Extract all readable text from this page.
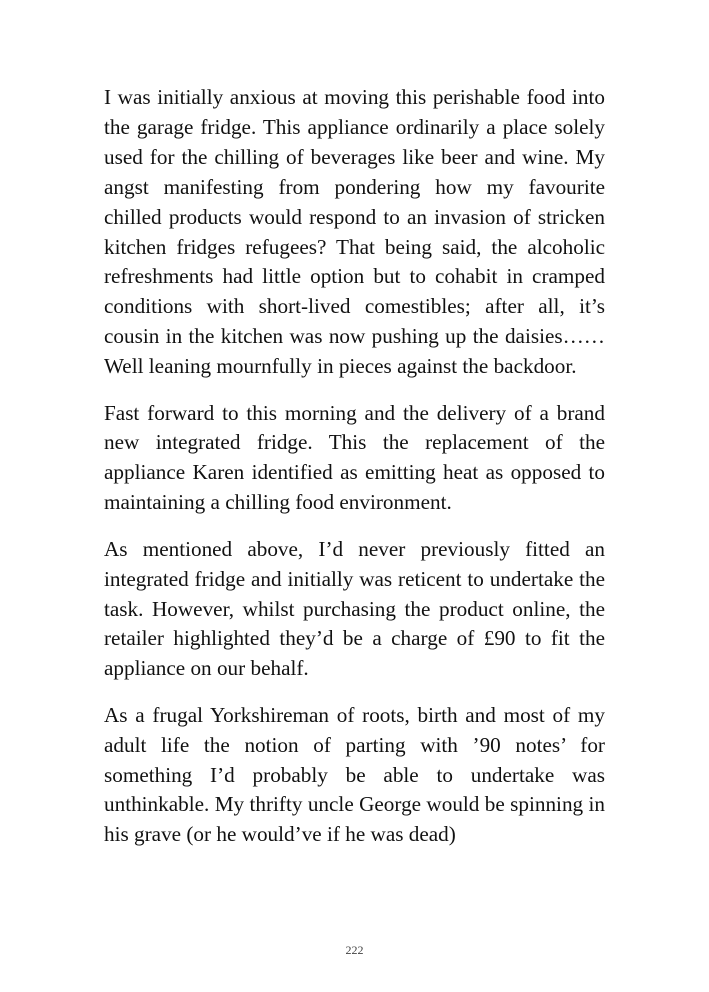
I was initially anxious at moving this perishable food into the garage fridge. This appliance ordinarily a place solely used for the chilling of beverages like beer and wine. My angst manifesting from pondering how my favourite chilled products would respond to an invasion of stricken kitchen fridges refugees? That being said, the alcoholic refreshments had little option but to cohabit in cramped conditions with short-lived comestibles; after all, it’s cousin in the kitchen was now pushing up the daisies…… Well leaning mournfully in pieces against the backdoor.

Fast forward to this morning and the delivery of a brand new integrated fridge. This the replacement of the appliance Karen identified as emitting heat as opposed to maintaining a chilling food environment.

As mentioned above, I’d never previously fitted an integrated fridge and initially was reticent to undertake the task. However, whilst purchasing the product online, the retailer highlighted they’d be a charge of £90 to fit the appliance on our behalf.

As a frugal Yorkshireman of roots, birth and most of my adult life the notion of parting with ’90 notes’ for something I’d probably be able to undertake was unthinkable. My thrifty uncle George would be spinning in his grave (or he would’ve if he was dead)

222
